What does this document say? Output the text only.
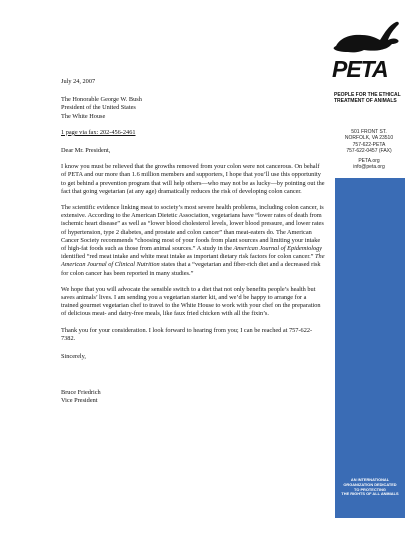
July 24, 2007
The Honorable George W. Bush
President of the United States
The White House
1 page via fax: 202-456-2461
Dear Mr. President,

I know you must be relieved that the growths removed from your colon were not cancerous. On behalf of PETA and our more than 1.6 million members and supporters, I hope that you’ll use this opportunity to get behind a prevention program that will help others—who may not be as lucky—by pointing out the fact that going vegetarian (at any age) dramatically reduces the risk of developing colon cancer.

The scientific evidence linking meat to society’s most severe health problems, including colon cancer, is extensive. According to the American Dietetic Association, vegetarians have “lower rates of death from ischemic heart disease” as well as “lower blood cholesterol levels, lower blood pressure, and lower rates of hypertension, type 2 diabetes, and prostate and colon cancer” than meat-eaters do. The American Cancer Society recommends “choosing most of your foods from plant sources and limiting your intake of high-fat foods such as those from animal sources.” A study in the American Journal of Epidemiology identified “red meat intake and white meat intake as important dietary risk factors for colon cancer.” The American Journal of Clinical Nutrition states that a “vegetarian and fiber-rich diet and a decreased risk for colon cancer has been reported in many studies.”

We hope that you will advocate the sensible switch to a diet that not only benefits people’s health but saves animals’ lives. I am sending you a vegetarian starter kit, and we’d be happy to arrange for a trained gourmet vegetarian chef to travel to the White House to work with your chef on the preparation of delicious meat- and dairy-free meals, like faux fried chicken with all the fixin’s.

Thank you for your consideration. I look forward to hearing from you; I can be reached at 757-622-7382.

Sincerely,
Bruce Friedrich
Vice President
PETA
PEOPLE FOR THE ETHICAL
TREATMENT OF ANIMALS
501 FRONT ST.
NORFOLK, VA 23510
757-622-PETA
757-622-0457 (FAX)
PETA.org
info@peta.org
AN INTERNATIONAL
ORGANIZATION DEDICATED
TO PROTECTING
THE RIGHTS OF ALL ANIMALS
